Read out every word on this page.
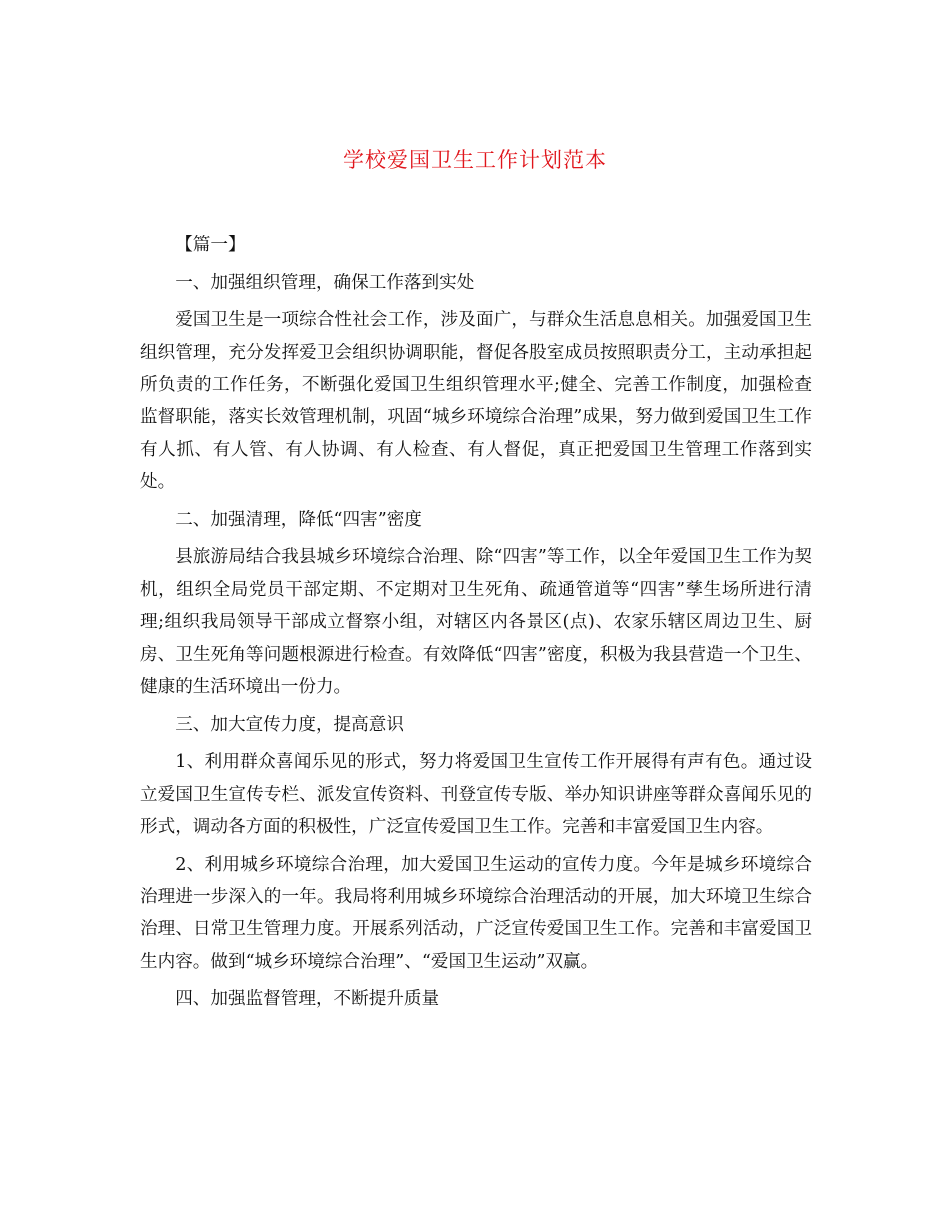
学校爱国卫生工作计划范本

【篇一】

一、加强组织管理，确保工作落到实处

爱国卫生是一项综合性社会工作，涉及面广，与群众生活息息相关。加强爱国卫生组织管理，充分发挥爱卫会组织协调职能，督促各股室成员按照职责分工，主动承担起所负责的工作任务，不断强化爱国卫生组织管理水平;健全、完善工作制度，加强检查监督职能，落实长效管理机制，巩固“城乡环境综合治理”成果，努力做到爱国卫生工作有人抓、有人管、有人协调、有人检查、有人督促，真正把爱国卫生管理工作落到实处。

二、加强清理，降低“四害”密度

县旅游局结合我县城乡环境综合治理、除“四害”等工作，以全年爱国卫生工作为契机，组织全局党员干部定期、不定期对卫生死角、疏通管道等“四害”孳生场所进行清理;组织我局领导干部成立督察小组，对辖区内各景区(点)、农家乐辖区周边卫生、厨房、卫生死角等问题根源进行检查。有效降低“四害”密度，积极为我县营造一个卫生、健康的生活环境出一份力。

三、加大宣传力度，提高意识

1、利用群众喜闻乐见的形式，努力将爱国卫生宣传工作开展得有声有色。通过设立爱国卫生宣传专栏、派发宣传资料、刊登宣传专版、举办知识讲座等群众喜闻乐见的形式，调动各方面的积极性，广泛宣传爱国卫生工作。完善和丰富爱国卫生内容。

2、利用城乡环境综合治理，加大爱国卫生运动的宣传力度。今年是城乡环境综合治理进一步深入的一年。我局将利用城乡环境综合治理活动的开展，加大环境卫生综合治理、日常卫生管理力度。开展系列活动，广泛宣传爱国卫生工作。完善和丰富爱国卫生内容。做到“城乡环境综合治理”、“爱国卫生运动”双赢。

四、加强监督管理，不断提升质量
